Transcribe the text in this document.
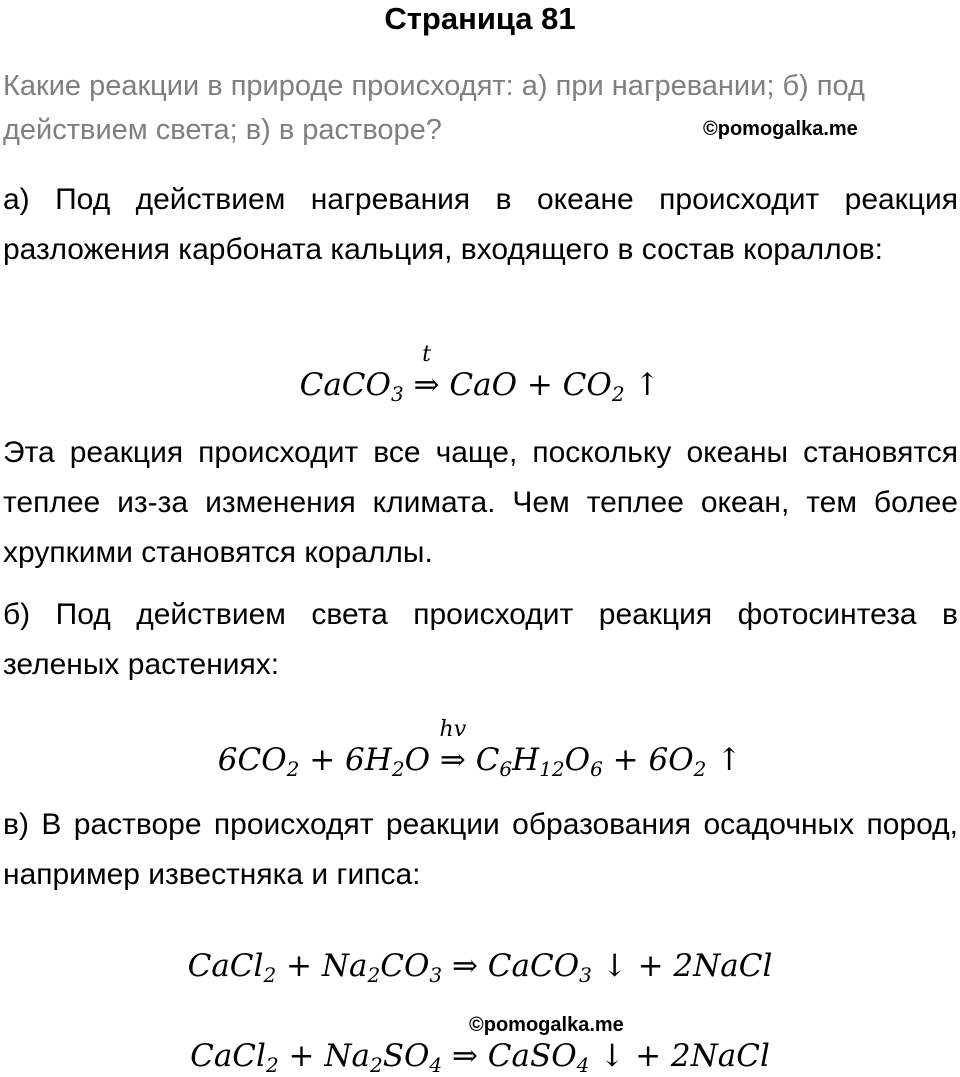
Страница 81
Какие реакции в природе происходят: а) при нагревании; б) под действием света; в) в растворе?	©pomogalka.me
а) Под действием нагревания в океане происходит реакция разложения карбоната кальция, входящего в состав кораллов:
CaCO$_3$
t
⇒ CaO + $CO_2$ ↑
Эта реакция происходит все чаще, поскольку океаны становятся теплее из-за изменения климата. Чем теплее океан, тем более хрупкими становятся кораллы.
б) Под действием света происходит реакция фотосинтеза в зеленых растениях:
$6CO_2 + 6H_2O$
hv
⇒ $C_6H_{12}O_6 + 6O_2$ ↑
в) В растворе происходят реакции образования осадочных пород, например известняка и гипса:
CaCl$_2$ + $Na_2CO_3$ ⇒ CaCO$_3$ ↓ + 2NaCl
©pomogalka.me
CaCl$_2$ + $Na_2SO_4$ ⇒ CaSO$_4$ ↓ + 2NaCl
